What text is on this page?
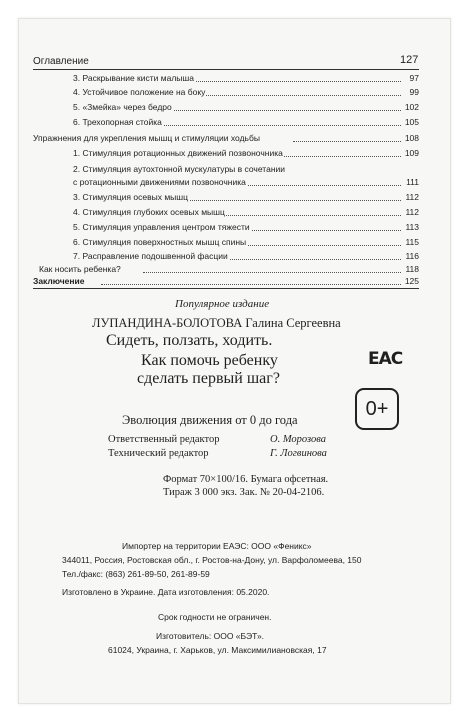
Оглавление	127
3. Раскрывание кисти малыша	97
4. Устойчивое положение на боку	99
5. «Змейка» через бедро	102
6. Трехопорная стойка	105
Упражнения для укрепления мышц и стимуляции ходьбы	108
1. Стимуляция ротационных движений позвоночника	109
2. Стимуляция аутохтонной мускулатуры в сочетании
с ротационными движениями позвоночника	111
3. Стимуляция осевых мышц	112
4. Стимуляция глубоких осевых мышц	112
5. Стимуляция управления центром тяжести	113
6. Стимуляция поверхностных мышц спины	115
7. Расправление подошвенной фасции	116
Как носить ребенка?	118
Заключение	125
Популярное издание
ЛУПАНДИНА-БОЛОТОВА Галина Сергеевна
Сидеть, ползать, ходить.
Как помочь ребенку
сделать первый шаг?
Эволюция движения от 0 до года
EAC
0+
Ответственный редактор	О. Морозова
Технический редактор	Г. Логвинова
Формат 70×100/16. Бумага офсетная.
Тираж 3 000 экз. Зак. № 20-04-2106.
Импортер на территории ЕАЭС: ООО «Феникс»
344011, Россия, Ростовская обл., г. Ростов-на-Дону, ул. Варфоломеева, 150
Тел./факс: (863) 261-89-50, 261-89-59
Изготовлено в Украине. Дата изготовления: 05.2020.
Срок годности не ограничен.
Изготовитель: ООО «БЭТ».
61024, Украина, г. Харьков, ул. Максимилиановская, 17
